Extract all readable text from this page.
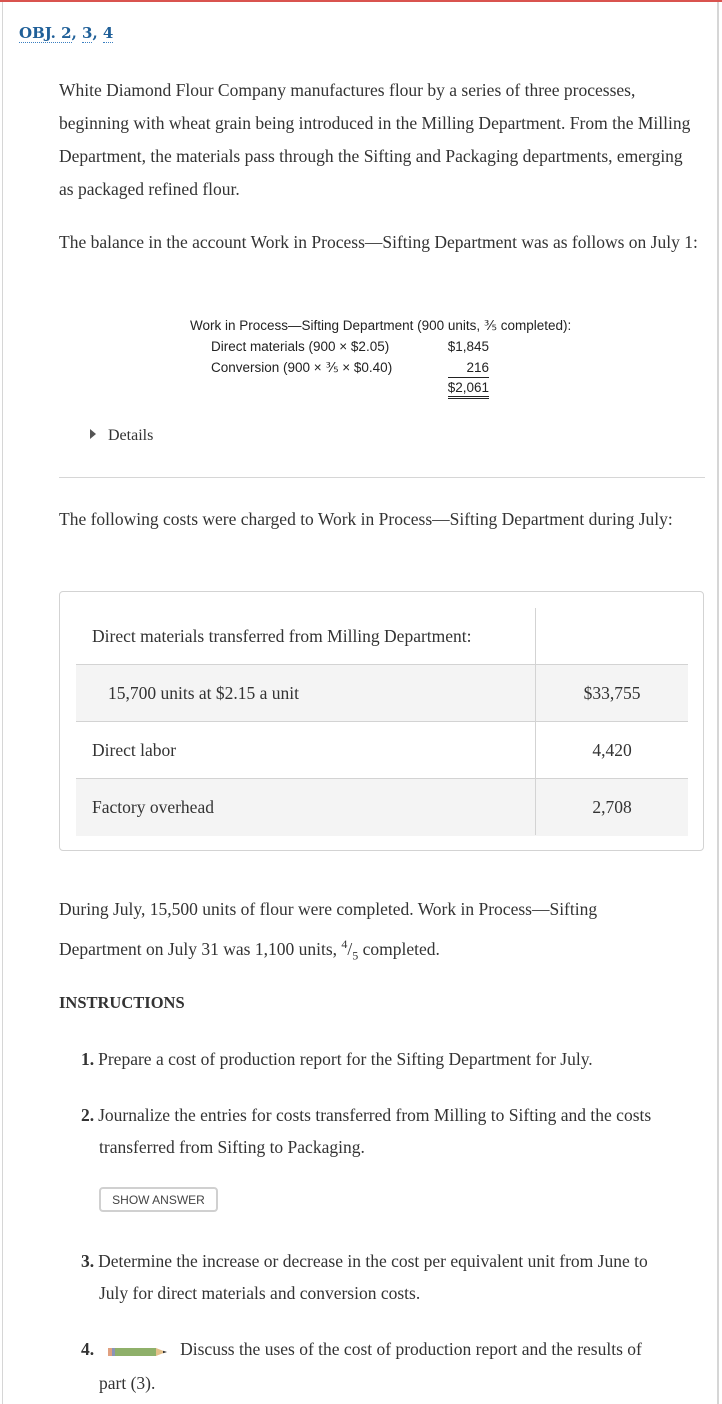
OBJ. 2, 3, 4
White Diamond Flour Company manufactures flour by a series of three processes, beginning with wheat grain being introduced in the Milling Department. From the Milling Department, the materials pass through the Sifting and Packaging departments, emerging as packaged refined flour.
The balance in the account Work in Process—Sifting Department was as follows on July 1:
Work in Process—Sifting Department (900 units, ⅗ completed):
Direct materials (900 × $2.05)	$1,845
Conversion (900 × ⅗ × $0.40)	216
$2,061
Details
The following costs were charged to Work in Process—Sifting Department during July:
Direct materials transferred from Milling Department:
15,700 units at $2.15 a unit	$33,755
Direct labor	4,420
Factory overhead	2,708
During July, 15,500 units of flour were completed. Work in Process—Sifting
Department on July 31 was 1,100 units, $^4/_5$ completed.
INSTRUCTIONS
1. Prepare a cost of production report for the Sifting Department for July.
2. Journalize the entries for costs transferred from Milling to Sifting and the costs
transferred from Sifting to Packaging.
SHOW ANSWER
3. Determine the increase or decrease in the cost per equivalent unit from June to
July for direct materials and conversion costs.
4.	Discuss the uses of the cost of production report and the results of
part (3).
